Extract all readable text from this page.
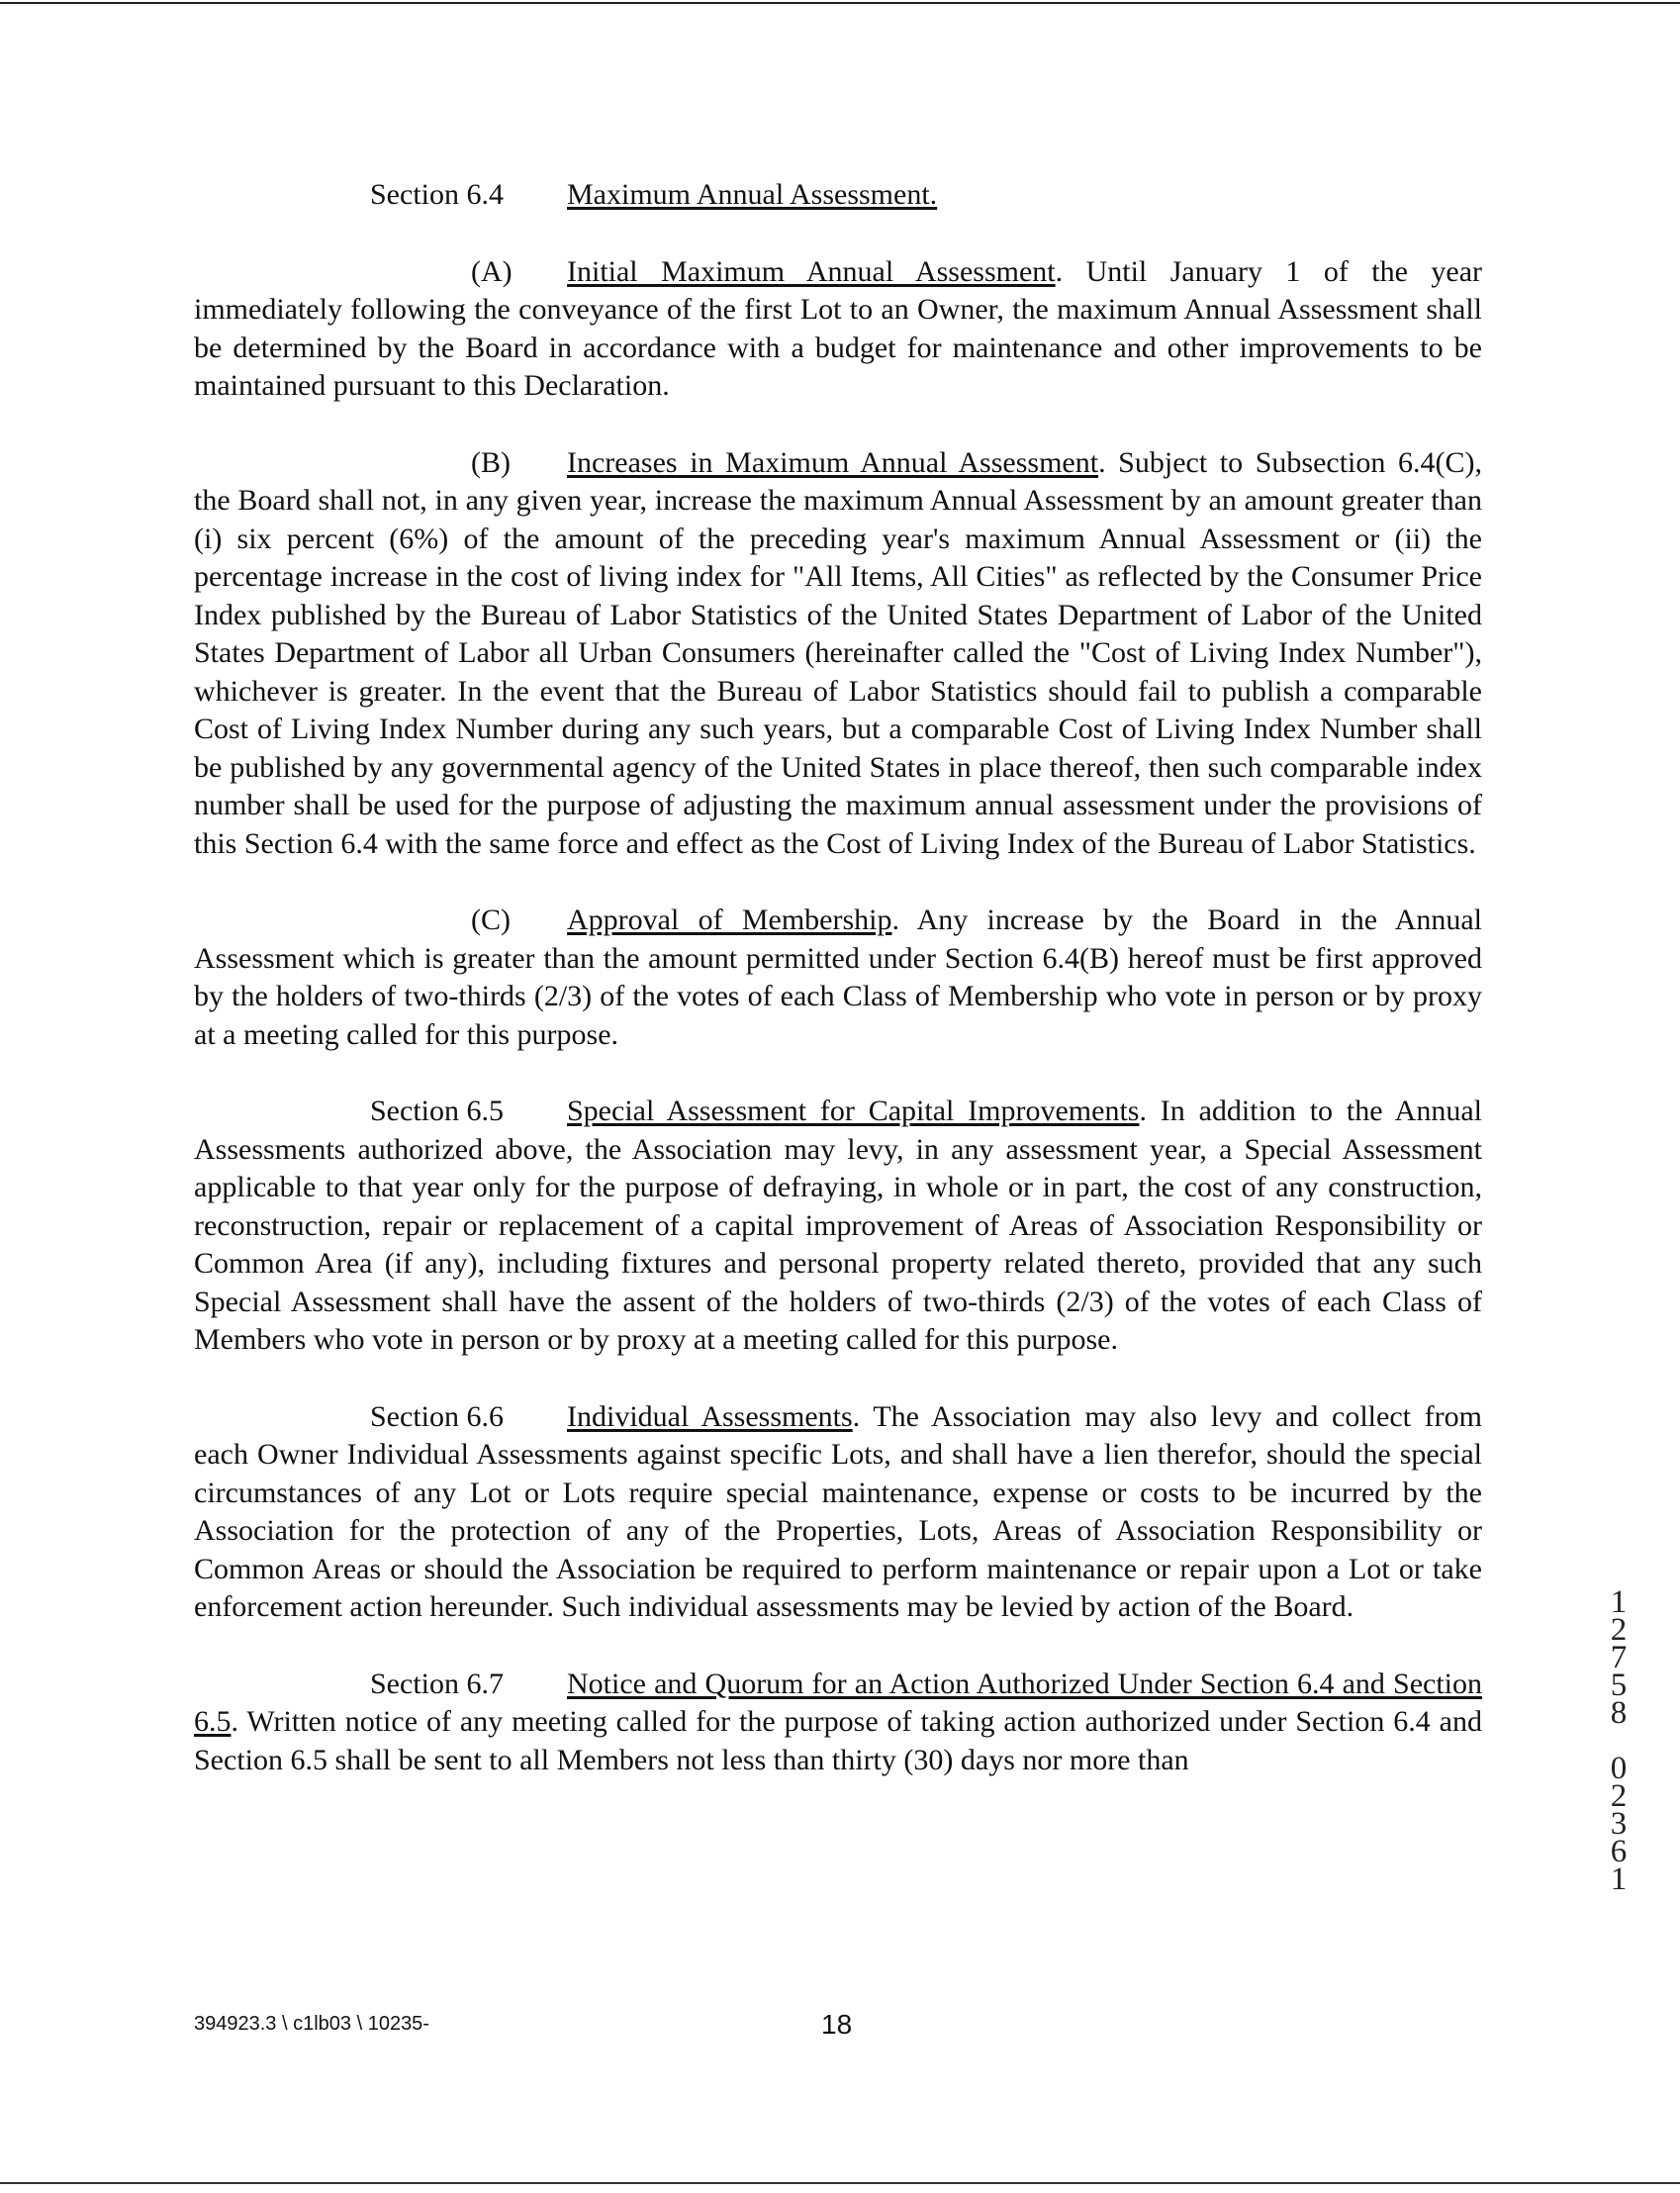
Section 6.4 Maximum Annual Assessment.

(A) Initial Maximum Annual Assessment. Until January 1 of the year immediately following the conveyance of the first Lot to an Owner, the maximum Annual Assessment shall be determined by the Board in accordance with a budget for maintenance and other improvements to be maintained pursuant to this Declaration.

(B) Increases in Maximum Annual Assessment. Subject to Subsection 6.4(C), the Board shall not, in any given year, increase the maximum Annual Assessment by an amount greater than (i) six percent (6%) of the amount of the preceding year's maximum Annual Assessment or (ii) the percentage increase in the cost of living index for "All Items, All Cities" as reflected by the Consumer Price Index published by the Bureau of Labor Statistics of the United States Department of Labor of the United States Department of Labor all Urban Consumers (hereinafter called the "Cost of Living Index Number"), whichever is greater. In the event that the Bureau of Labor Statistics should fail to publish a comparable Cost of Living Index Number during any such years, but a comparable Cost of Living Index Number shall be published by any governmental agency of the United States in place thereof, then such comparable index number shall be used for the purpose of adjusting the maximum annual assessment under the provisions of this Section 6.4 with the same force and effect as the Cost of Living Index of the Bureau of Labor Statistics.

(C) Approval of Membership. Any increase by the Board in the Annual Assessment which is greater than the amount permitted under Section 6.4(B) hereof must be first approved by the holders of two-thirds (2/3) of the votes of each Class of Membership who vote in person or by proxy at a meeting called for this purpose.

Section 6.5 Special Assessment for Capital Improvements. In addition to the Annual Assessments authorized above, the Association may levy, in any assessment year, a Special Assessment applicable to that year only for the purpose of defraying, in whole or in part, the cost of any construction, reconstruction, repair or replacement of a capital improvement of Areas of Association Responsibility or Common Area (if any), including fixtures and personal property related thereto, provided that any such Special Assessment shall have the assent of the holders of two-thirds (2/3) of the votes of each Class of Members who vote in person or by proxy at a meeting called for this purpose.

Section 6.6 Individual Assessments. The Association may also levy and collect from each Owner Individual Assessments against specific Lots, and shall have a lien therefor, should the special circumstances of any Lot or Lots require special maintenance, expense or costs to be incurred by the Association for the protection of any of the Properties, Lots, Areas of Association Responsibility or Common Areas or should the Association be required to perform maintenance or repair upon a Lot or take enforcement action hereunder. Such individual assessments may be levied by action of the Board.

Section 6.7 Notice and Quorum for an Action Authorized Under Section 6.4 and Section 6.5. Written notice of any meeting called for the purpose of taking action authorized under Section 6.4 and Section 6.5 shall be sent to all Members not less than thirty (30) days nor more than

394923.3 \ c1lb03 \ 10235-	18
1
2
7
5
8

0
2
3
6
1
